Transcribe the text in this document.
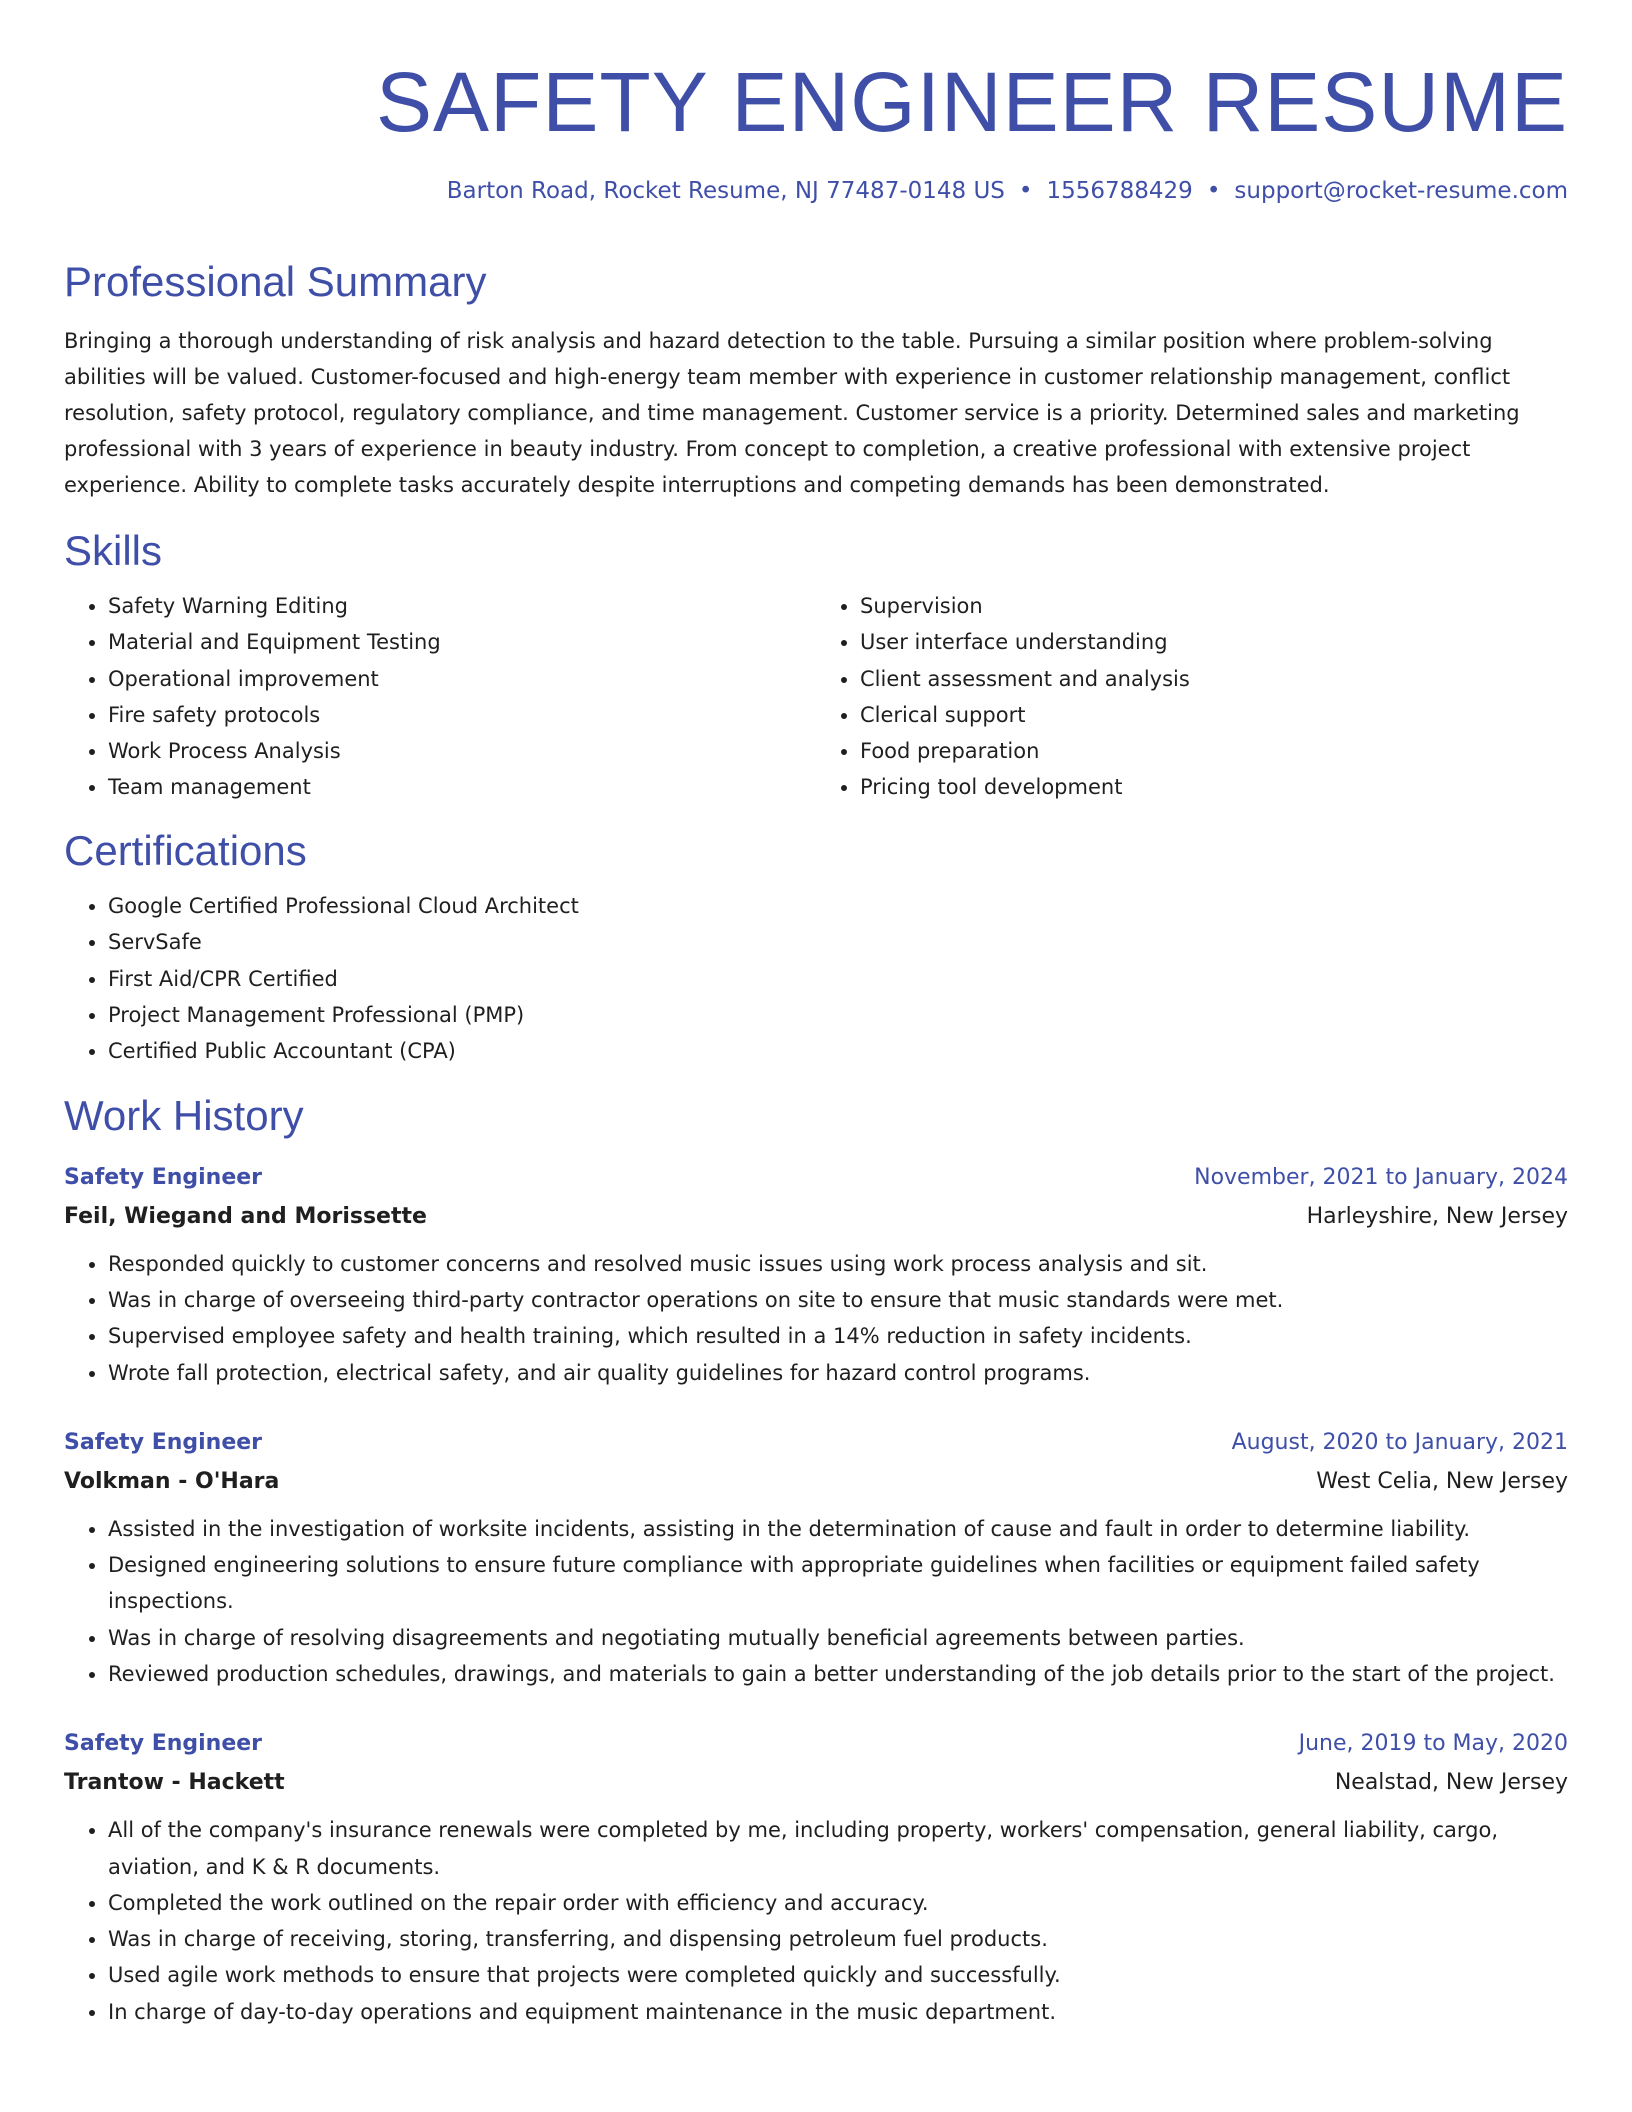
SAFETY ENGINEER RESUME
Barton Road, Rocket Resume, NJ 77487-0148 US • 1556788429 • support@rocket-resume.com
Professional Summary

Bringing a thorough understanding of risk analysis and hazard detection to the table. Pursuing a similar position where problem-solving abilities will be valued. Customer-focused and high-energy team member with experience in customer relationship management, conflict resolution, safety protocol, regulatory compliance, and time management. Customer service is a priority. Determined sales and marketing professional with 3 years of experience in beauty industry. From concept to completion, a creative professional with extensive project experience. Ability to complete tasks accurately despite interruptions and competing demands has been demonstrated.

Skills
• Safety Warning Editing
• Material and Equipment Testing
• Operational improvement
• Fire safety protocols
• Work Process Analysis
• Team management
• Supervision
• User interface understanding
• Client assessment and analysis
• Clerical support
• Food preparation
• Pricing tool development
Certifications
• Google Certified Professional Cloud Architect
• ServSafe
• First Aid/CPR Certified
• Project Management Professional (PMP)
• Certified Public Accountant (CPA)
Work History
Safety Engineer	November, 2021 to January, 2024
Feil, Wiegand and Morissette	Harleyshire, New Jersey
• Responded quickly to customer concerns and resolved music issues using work process analysis and sit.
• Was in charge of overseeing third-party contractor operations on site to ensure that music standards were met.
• Supervised employee safety and health training, which resulted in a 14% reduction in safety incidents.
• Wrote fall protection, electrical safety, and air quality guidelines for hazard control programs.
Safety Engineer	August, 2020 to January, 2021
Volkman - O'Hara	West Celia, New Jersey
• Assisted in the investigation of worksite incidents, assisting in the determination of cause and fault in order to determine liability.
• Designed engineering solutions to ensure future compliance with appropriate guidelines when facilities or equipment failed safety inspections.
• Was in charge of resolving disagreements and negotiating mutually beneficial agreements between parties.
• Reviewed production schedules, drawings, and materials to gain a better understanding of the job details prior to the start of the project.
Safety Engineer	June, 2019 to May, 2020
Trantow - Hackett	Nealstad, New Jersey
• All of the company's insurance renewals were completed by me, including property, workers' compensation, general liability, cargo, aviation, and K & R documents.
• Completed the work outlined on the repair order with efficiency and accuracy.
• Was in charge of receiving, storing, transferring, and dispensing petroleum fuel products.
• Used agile work methods to ensure that projects were completed quickly and successfully.
• In charge of day-to-day operations and equipment maintenance in the music department.
